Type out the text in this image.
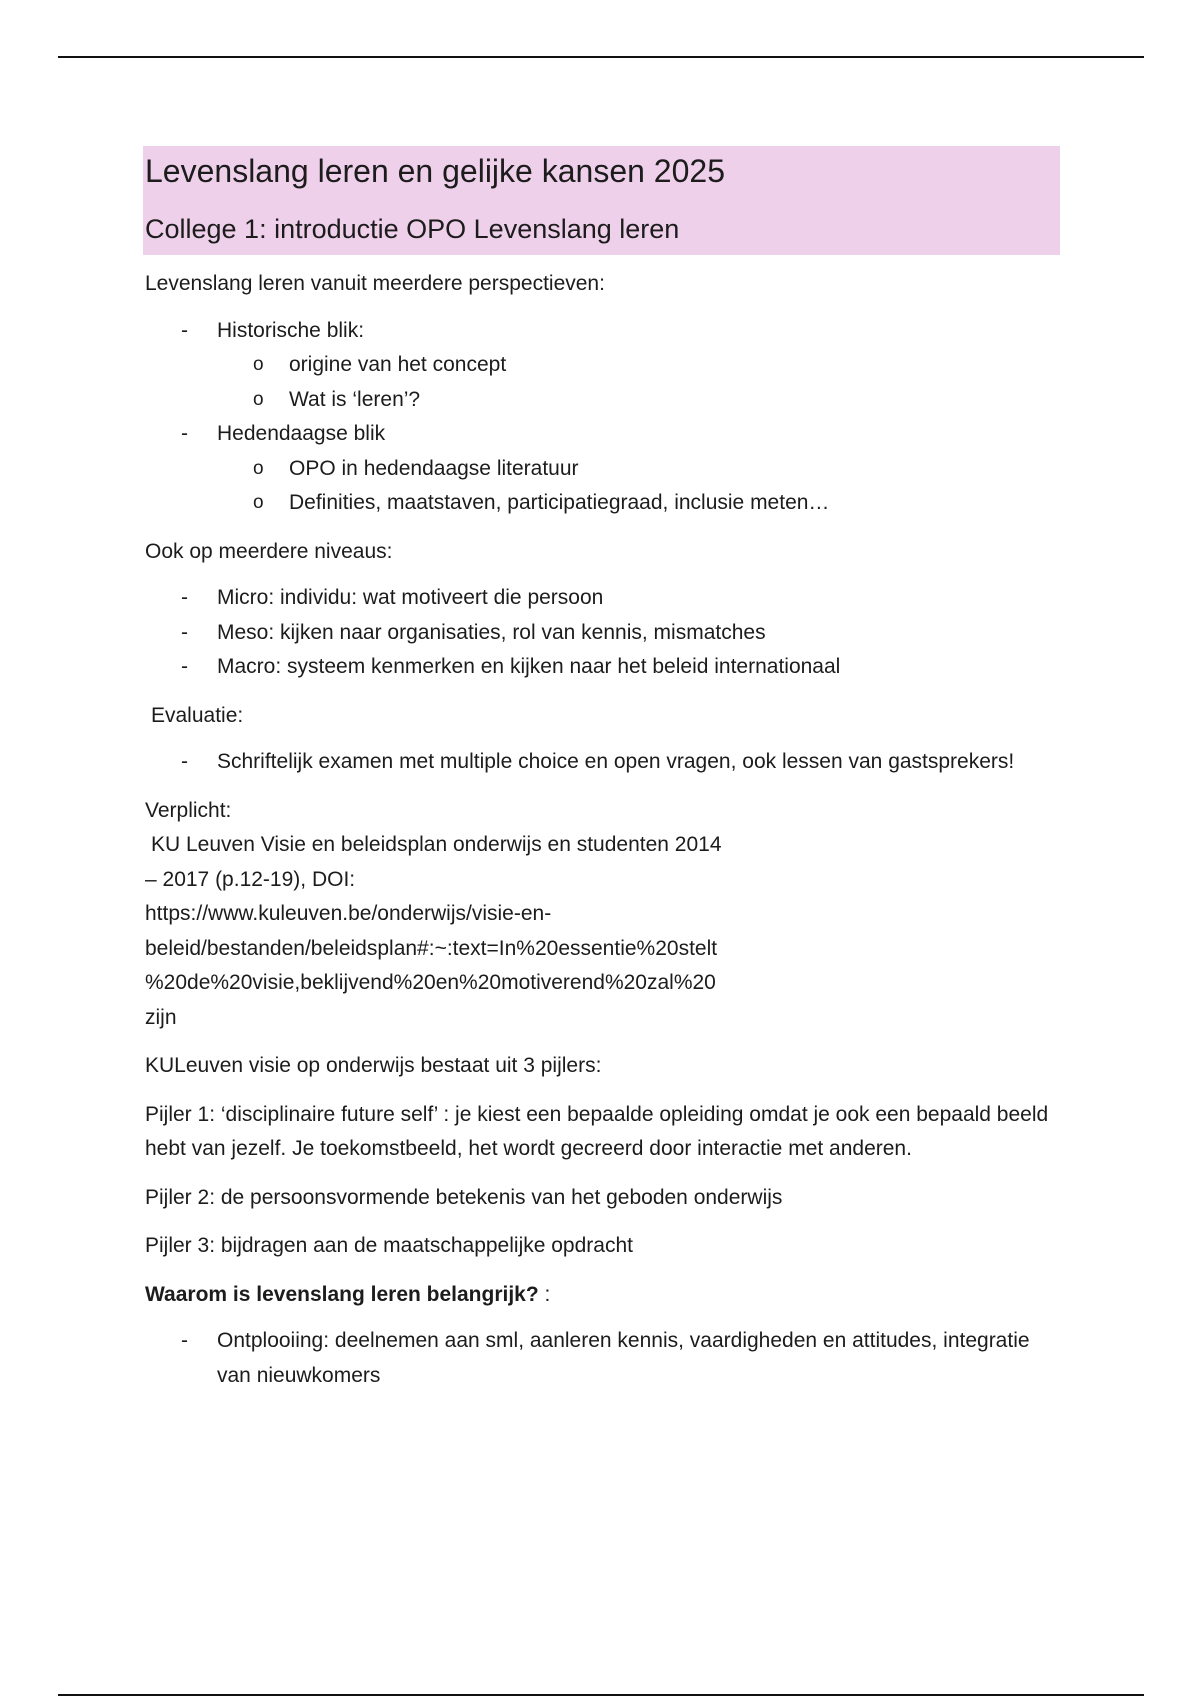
Levenslang leren en gelijke kansen 2025
College 1: introductie OPO Levenslang leren

Levenslang leren vanuit meerdere perspectieven:

- Historische blik:
o origine van het concept
o Wat is ‘leren’?
- Hedendaagse blik
o OPO in hedendaagse literatuur
o Definities, maatstaven, participatiegraad, inclusie meten…

Ook op meerdere niveaus:

- Micro: individu: wat motiveert die persoon
- Meso: kijken naar organisaties, rol van kennis, mismatches
- Macro: systeem kenmerken en kijken naar het beleid internationaal

Evaluatie:

- Schriftelijk examen met multiple choice en open vragen, ook lessen van gastsprekers!

Verplicht:

KU Leuven Visie en beleidsplan onderwijs en studenten 2014

– 2017 (p.12-19), DOI:

https://www.kuleuven.be/onderwijs/visie-en-

beleid/bestanden/beleidsplan#:~:text=In%20essentie%20stelt

%20de%20visie,beklijvend%20en%20motiverend%20zal%20

zijn

KULeuven visie op onderwijs bestaat uit 3 pijlers:

Pijler 1: ‘disciplinaire future self’ : je kiest een bepaalde opleiding omdat je ook een bepaald beeld hebt van jezelf. Je toekomstbeeld, het wordt gecreerd door interactie met anderen.

Pijler 2: de persoonsvormende betekenis van het geboden onderwijs

Pijler 3: bijdragen aan de maatschappelijke opdracht

Waarom is levenslang leren belangrijk? :

- Ontplooiing: deelnemen aan sml, aanleren kennis, vaardigheden en attitudes, integratie van nieuwkomers
